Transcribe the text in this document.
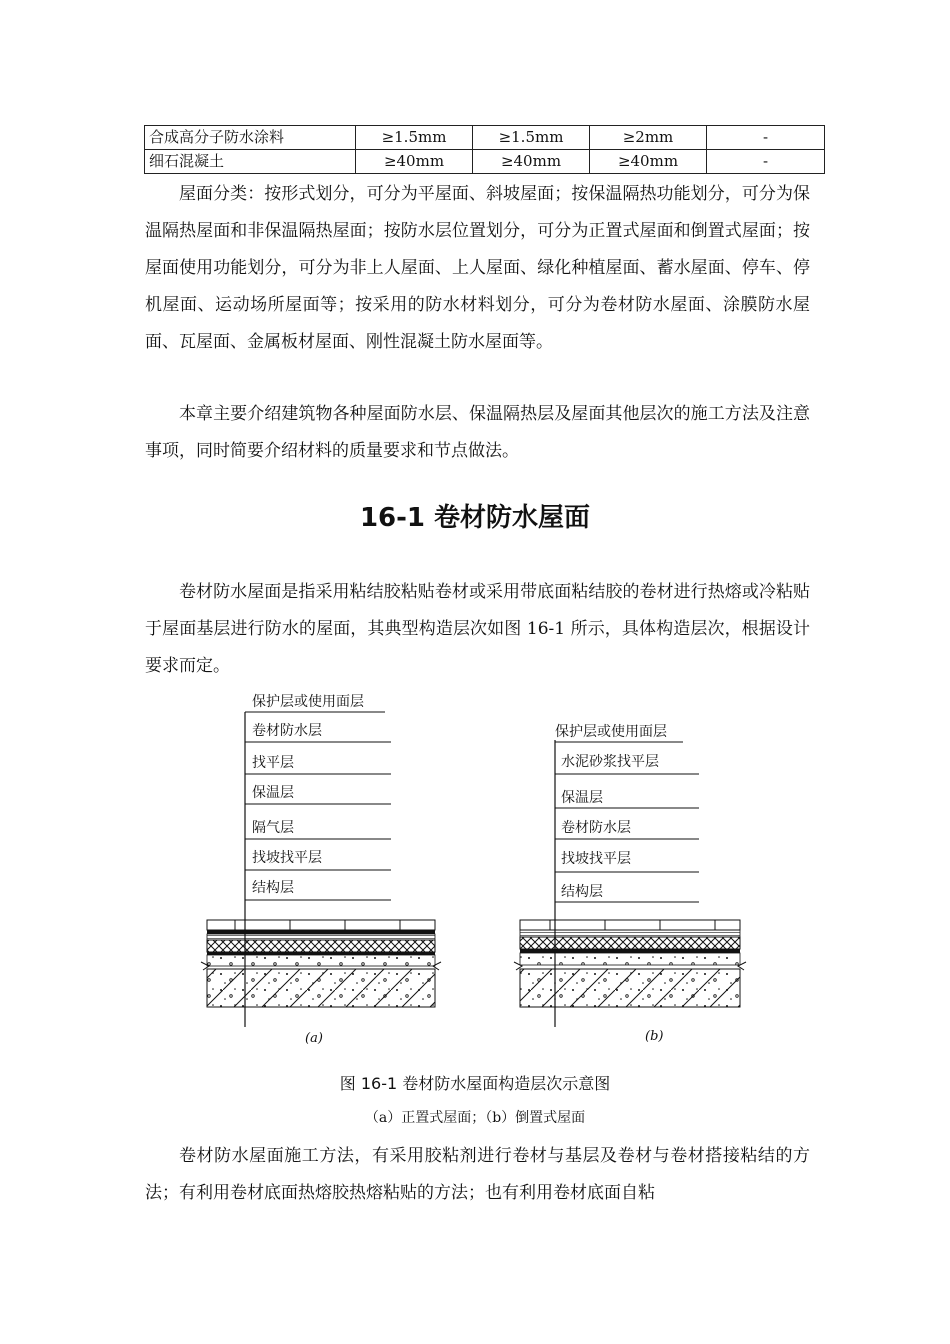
合成高分子防水涂料	≥1.5mm	≥1.5mm	≥2mm	-
细石混凝土	≥40mm	≥40mm	≥40mm	-

屋面分类：按形式划分，可分为平屋面、斜坡屋面；按保温隔热功能划分，可分为保温隔热屋面和非保温隔热屋面；按防水层位置划分，可分为正置式屋面和倒置式屋面；按屋面使用功能划分，可分为非上人屋面、上人屋面、绿化种植屋面、蓄水屋面、停车、停机屋面、运动场所屋面等；按采用的防水材料划分，可分为卷材防水屋面、涂膜防水屋面、瓦屋面、金属板材屋面、刚性混凝土防水屋面等。

本章主要介绍建筑物各种屋面防水层、保温隔热层及屋面其他层次的施工方法及注意事项，同时简要介绍材料的质量要求和节点做法。

16-1 卷材防水屋面

卷材防水屋面是指采用粘结胶粘贴卷材或采用带底面粘结胶的卷材进行热熔或冷粘贴于屋面基层进行防水的屋面，其典型构造层次如图 16-1 所示，具体构造层次，根据设计要求而定。

保护层或使用面层
卷材防水层
找平层
保温层
隔气层
找坡找平层
结构层
(a)
保护层或使用面层
水泥砂浆找平层
保温层
卷材防水层
找坡找平层
结构层
(b)

图 16-1 卷材防水屋面构造层次示意图

（a）正置式屋面；（b）倒置式屋面

卷材防水屋面施工方法，有采用胶粘剂进行卷材与基层及卷材与卷材搭接粘结的方法；有利用卷材底面热熔胶热熔粘贴的方法；也有利用卷材底面自粘
